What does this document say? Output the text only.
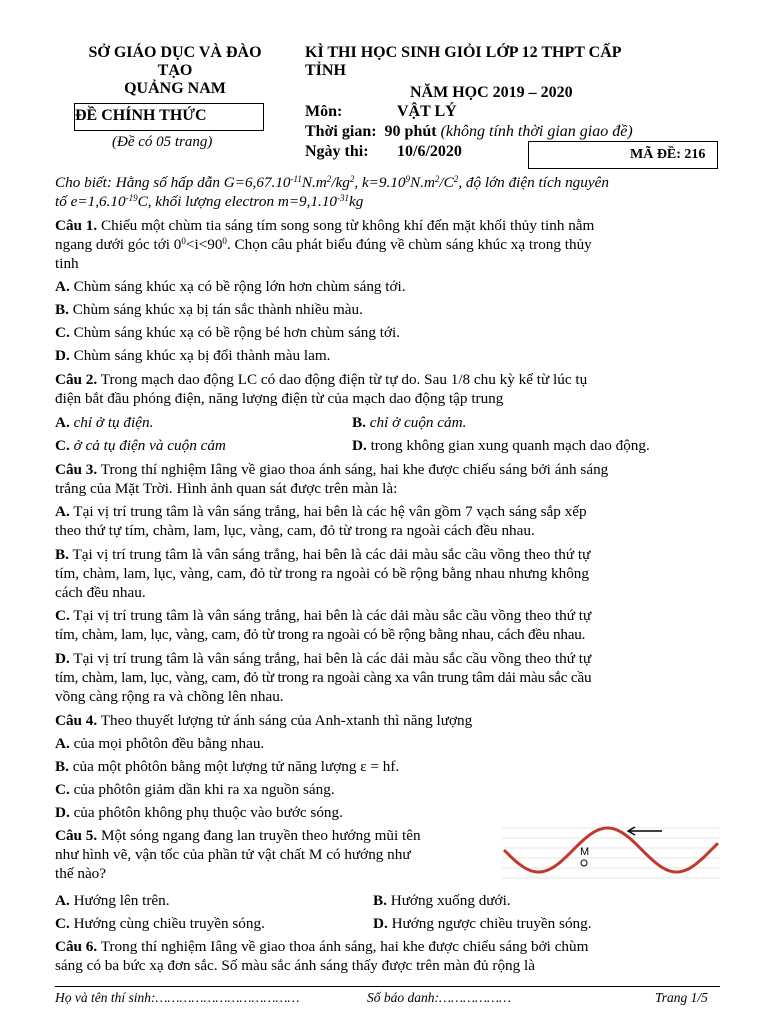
SỞ GIÁO DỤC VÀ ĐÀO
TẠO
QUẢNG NAM
ĐỀ CHÍNH THỨC
(Đề có 05 trang)
KÌ THI HỌC SINH GIỎI LỚP 12 THPT CẤP
TỈNH
NĂM HỌC 2019 – 2020
Môn:	VẬT LÝ
Thời gian: 90 phút (không tính thời gian giao đề)
Ngày thi: 10/6/2020	MÃ ĐỀ: 216
Cho biết: Hằng số hấp dẫn $G=6,67.10^{-11}N.m^2/kg^2$, $k=9.10^9N.m^2/C^2$, độ lớn điện tích nguyên
tố $e=1,6.10^{-19}C$, khối lượng electron $m=9,1.10^{-31}kg$
Câu 1. Chiếu một chùm tia sáng tím song song từ không khí đến mặt khối thủy tinh nằm
ngang dưới góc tới $0^0<i<90^0$. Chọn câu phát biểu đúng về chùm sáng khúc xạ trong thủy
tinh
A. Chùm sáng khúc xạ có bề rộng lớn hơn chùm sáng tới.
B. Chùm sáng khúc xạ bị tán sắc thành nhiều màu.
C. Chùm sáng khúc xạ có bề rộng bé hơn chùm sáng tới.
D. Chùm sáng khúc xạ bị đổi thành màu lam.
Câu 2. Trong mạch dao động LC có dao động điện từ tự do. Sau 1/8 chu kỳ kể từ lúc tụ
điện bắt đầu phóng điện, năng lượng điện từ của mạch dao động tập trung
A. chỉ ở tụ điện.	B. chỉ ở cuộn cảm.
C. ở cả tụ điện và cuộn cảm	D. trong không gian xung quanh mạch dao động.
Câu 3. Trong thí nghiệm Iâng về giao thoa ánh sáng, hai khe được chiếu sáng bởi ánh sáng
trắng của Mặt Trời. Hình ảnh quan sát được trên màn là:
A. Tại vị trí trung tâm là vân sáng trắng, hai bên là các hệ vân gồm 7 vạch sáng sắp xếp
theo thứ tự tím, chàm, lam, lục, vàng, cam, đỏ từ trong ra ngoài cách đều nhau.
B. Tại vị trí trung tâm là vân sáng trắng, hai bên là các dải màu sắc cầu vồng theo thứ tự
tím, chàm, lam, lục, vàng, cam, đỏ từ trong ra ngoài có bề rộng bằng nhau nhưng không
cách đều nhau.
C. Tại vị trí trung tâm là vân sáng trắng, hai bên là các dải màu sắc cầu vồng theo thứ tự
tím, chàm, lam, lục, vàng, cam, đỏ từ trong ra ngoài có bề rộng bằng nhau, cách đều nhau.
D. Tại vị trí trung tâm là vân sáng trắng, hai bên là các dải màu sắc cầu vồng theo thứ tự
tím, chàm, lam, lục, vàng, cam, đỏ từ trong ra ngoài càng xa vân trung tâm dải màu sắc cầu
vồng càng rộng ra và chồng lên nhau.
Câu 4. Theo thuyết lượng tử ánh sáng của Anh-xtanh thì năng lượng
A. của mọi phôtôn đều bằng nhau.
B. của một phôtôn bằng một lượng tử năng lượng ε = hf.
C. của phôtôn giảm dần khi ra xa nguồn sáng.
D. của phôtôn không phụ thuộc vào bước sóng.
Câu 5. Một sóng ngang đang lan truyền theo hướng mũi tên
như hình vẽ, vận tốc của phần tử vật chất M có hướng như
thế nào?
M
A. Hướng lên trên.	B. Hướng xuống dưới.
C. Hướng cùng chiều truyền sóng.	D. Hướng ngược chiều truyền sóng.
Câu 6. Trong thí nghiệm Iâng về giao thoa ánh sáng, hai khe được chiếu sáng bởi chùm
sáng có ba bức xạ đơn sắc. Số màu sắc ánh sáng thấy được trên màn đủ rộng là
Họ và tên thí sinh:………………………………	Số báo danh:………………	Trang 1/5
